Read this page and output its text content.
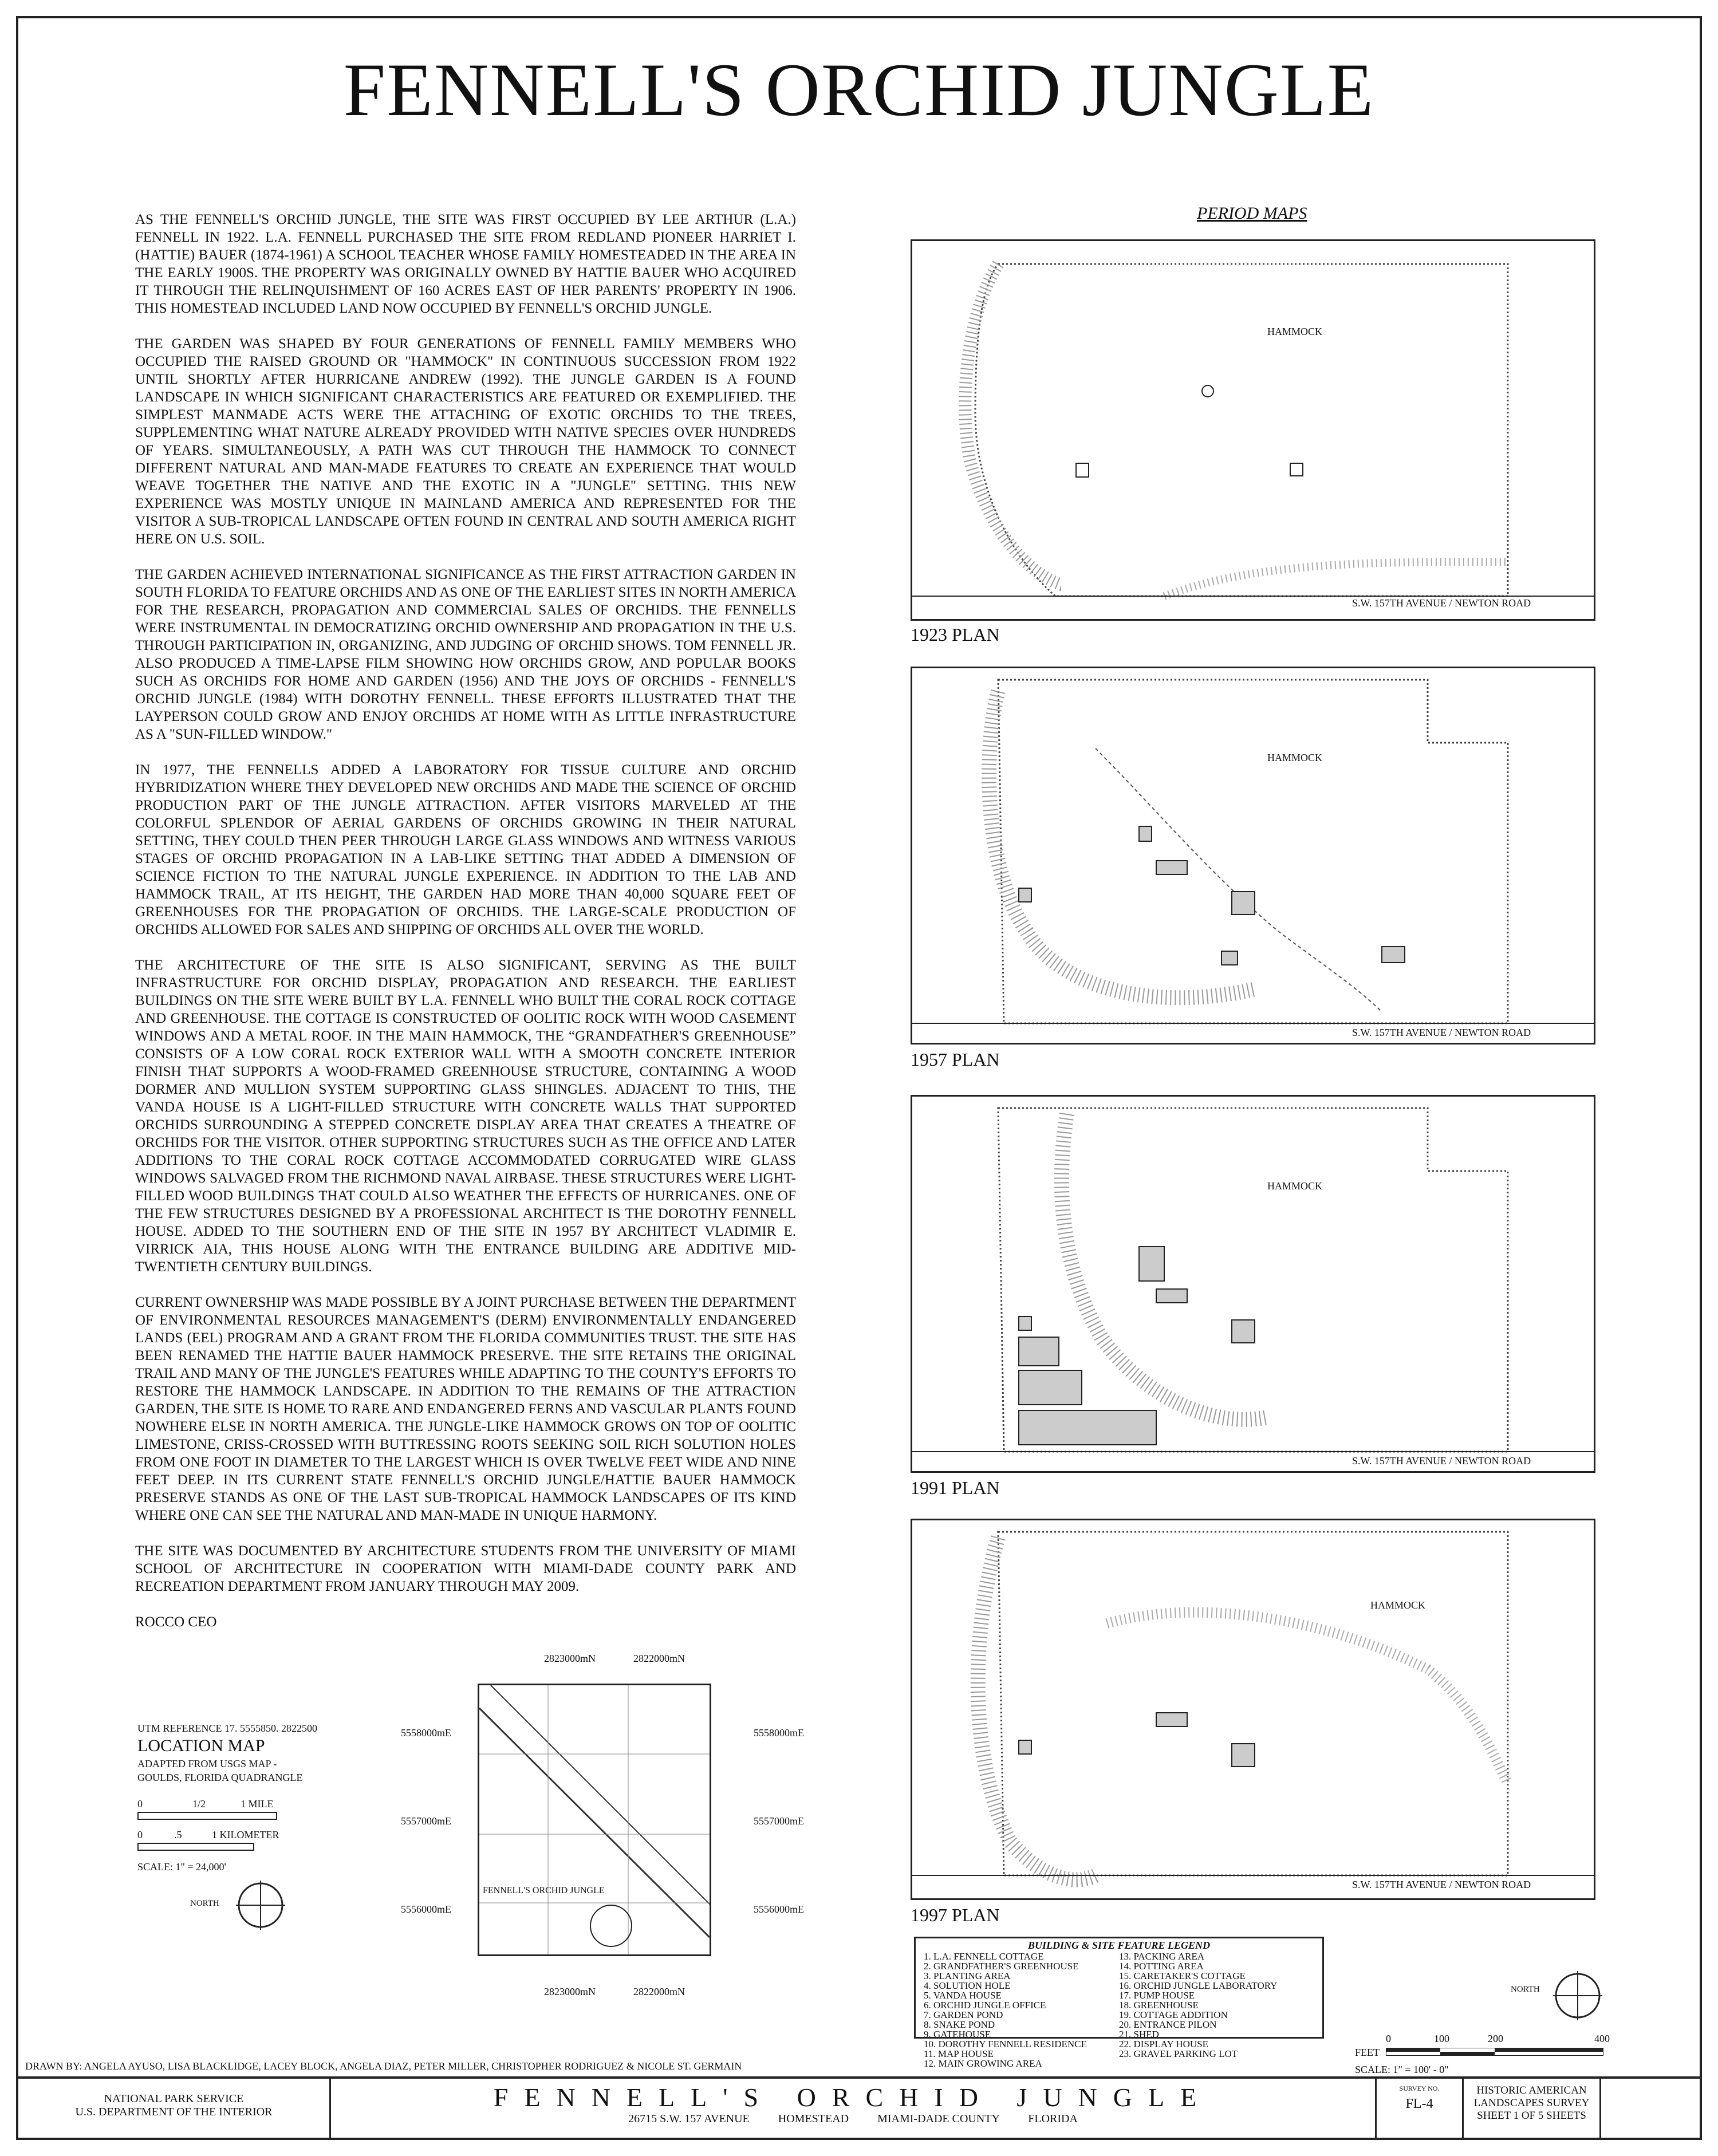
FENNELL'S ORCHID JUNGLE

AS THE FENNELL'S ORCHID JUNGLE, THE SITE WAS FIRST OCCUPIED BY LEE ARTHUR (L.A.) FENNELL IN 1922. L.A. FENNELL PURCHASED THE SITE FROM REDLAND PIONEER HARRIET I. (HATTIE) BAUER (1874-1961) A SCHOOL TEACHER WHOSE FAMILY HOMESTEADED IN THE AREA IN THE EARLY 1900S. THE PROPERTY WAS ORIGINALLY OWNED BY HATTIE BAUER WHO ACQUIRED IT THROUGH THE RELINQUISHMENT OF 160 ACRES EAST OF HER PARENTS' PROPERTY IN 1906. THIS HOMESTEAD INCLUDED LAND NOW OCCUPIED BY FENNELL'S ORCHID JUNGLE.

THE GARDEN WAS SHAPED BY FOUR GENERATIONS OF FENNELL FAMILY MEMBERS WHO OCCUPIED THE RAISED GROUND OR "HAMMOCK" IN CONTINUOUS SUCCESSION FROM 1922 UNTIL SHORTLY AFTER HURRICANE ANDREW (1992). THE JUNGLE GARDEN IS A FOUND LANDSCAPE IN WHICH SIGNIFICANT CHARACTERISTICS ARE FEATURED OR EXEMPLIFIED. THE SIMPLEST MANMADE ACTS WERE THE ATTACHING OF EXOTIC ORCHIDS TO THE TREES, SUPPLEMENTING WHAT NATURE ALREADY PROVIDED WITH NATIVE SPECIES OVER HUNDREDS OF YEARS. SIMULTANEOUSLY, A PATH WAS CUT THROUGH THE HAMMOCK TO CONNECT DIFFERENT NATURAL AND MAN-MADE FEATURES TO CREATE AN EXPERIENCE THAT WOULD WEAVE TOGETHER THE NATIVE AND THE EXOTIC IN A "JUNGLE" SETTING. THIS NEW EXPERIENCE WAS MOSTLY UNIQUE IN MAINLAND AMERICA AND REPRESENTED FOR THE VISITOR A SUB-TROPICAL LANDSCAPE OFTEN FOUND IN CENTRAL AND SOUTH AMERICA RIGHT HERE ON U.S. SOIL.

THE GARDEN ACHIEVED INTERNATIONAL SIGNIFICANCE AS THE FIRST ATTRACTION GARDEN IN SOUTH FLORIDA TO FEATURE ORCHIDS AND AS ONE OF THE EARLIEST SITES IN NORTH AMERICA FOR THE RESEARCH, PROPAGATION AND COMMERCIAL SALES OF ORCHIDS. THE FENNELLS WERE INSTRUMENTAL IN DEMOCRATIZING ORCHID OWNERSHIP AND PROPAGATION IN THE U.S. THROUGH PARTICIPATION IN, ORGANIZING, AND JUDGING OF ORCHID SHOWS. TOM FENNELL JR. ALSO PRODUCED A TIME-LAPSE FILM SHOWING HOW ORCHIDS GROW, AND POPULAR BOOKS SUCH AS ORCHIDS FOR HOME AND GARDEN (1956) AND THE JOYS OF ORCHIDS - FENNELL'S ORCHID JUNGLE (1984) WITH DOROTHY FENNELL. THESE EFFORTS ILLUSTRATED THAT THE LAYPERSON COULD GROW AND ENJOY ORCHIDS AT HOME WITH AS LITTLE INFRASTRUCTURE AS A "SUN-FILLED WINDOW."

IN 1977, THE FENNELLS ADDED A LABORATORY FOR TISSUE CULTURE AND ORCHID HYBRIDIZATION WHERE THEY DEVELOPED NEW ORCHIDS AND MADE THE SCIENCE OF ORCHID PRODUCTION PART OF THE JUNGLE ATTRACTION. AFTER VISITORS MARVELED AT THE COLORFUL SPLENDOR OF AERIAL GARDENS OF ORCHIDS GROWING IN THEIR NATURAL SETTING, THEY COULD THEN PEER THROUGH LARGE GLASS WINDOWS AND WITNESS VARIOUS STAGES OF ORCHID PROPAGATION IN A LAB-LIKE SETTING THAT ADDED A DIMENSION OF SCIENCE FICTION TO THE NATURAL JUNGLE EXPERIENCE. IN ADDITION TO THE LAB AND HAMMOCK TRAIL, AT ITS HEIGHT, THE GARDEN HAD MORE THAN 40,000 SQUARE FEET OF GREENHOUSES FOR THE PROPAGATION OF ORCHIDS. THE LARGE-SCALE PRODUCTION OF ORCHIDS ALLOWED FOR SALES AND SHIPPING OF ORCHIDS ALL OVER THE WORLD.

THE ARCHITECTURE OF THE SITE IS ALSO SIGNIFICANT, SERVING AS THE BUILT INFRASTRUCTURE FOR ORCHID DISPLAY, PROPAGATION AND RESEARCH. THE EARLIEST BUILDINGS ON THE SITE WERE BUILT BY L.A. FENNELL WHO BUILT THE CORAL ROCK COTTAGE AND GREENHOUSE. THE COTTAGE IS CONSTRUCTED OF OOLITIC ROCK WITH WOOD CASEMENT WINDOWS AND A METAL ROOF. IN THE MAIN HAMMOCK, THE “GRANDFATHER'S GREENHOUSE” CONSISTS OF A LOW CORAL ROCK EXTERIOR WALL WITH A SMOOTH CONCRETE INTERIOR FINISH THAT SUPPORTS A WOOD-FRAMED GREENHOUSE STRUCTURE, CONTAINING A WOOD DORMER AND MULLION SYSTEM SUPPORTING GLASS SHINGLES. ADJACENT TO THIS, THE VANDA HOUSE IS A LIGHT-FILLED STRUCTURE WITH CONCRETE WALLS THAT SUPPORTED ORCHIDS SURROUNDING A STEPPED CONCRETE DISPLAY AREA THAT CREATES A THEATRE OF ORCHIDS FOR THE VISITOR. OTHER SUPPORTING STRUCTURES SUCH AS THE OFFICE AND LATER ADDITIONS TO THE CORAL ROCK COTTAGE ACCOMMODATED CORRUGATED WIRE GLASS WINDOWS SALVAGED FROM THE RICHMOND NAVAL AIRBASE. THESE STRUCTURES WERE LIGHT-FILLED WOOD BUILDINGS THAT COULD ALSO WEATHER THE EFFECTS OF HURRICANES. ONE OF THE FEW STRUCTURES DESIGNED BY A PROFESSIONAL ARCHITECT IS THE DOROTHY FENNELL HOUSE. ADDED TO THE SOUTHERN END OF THE SITE IN 1957 BY ARCHITECT VLADIMIR E. VIRRICK AIA, THIS HOUSE ALONG WITH THE ENTRANCE BUILDING ARE ADDITIVE MID-TWENTIETH CENTURY BUILDINGS.

CURRENT OWNERSHIP WAS MADE POSSIBLE BY A JOINT PURCHASE BETWEEN THE DEPARTMENT OF ENVIRONMENTAL RESOURCES MANAGEMENT'S (DERM) ENVIRONMENTALLY ENDANGERED LANDS (EEL) PROGRAM AND A GRANT FROM THE FLORIDA COMMUNITIES TRUST. THE SITE HAS BEEN RENAMED THE HATTIE BAUER HAMMOCK PRESERVE. THE SITE RETAINS THE ORIGINAL TRAIL AND MANY OF THE JUNGLE'S FEATURES WHILE ADAPTING TO THE COUNTY'S EFFORTS TO RESTORE THE HAMMOCK LANDSCAPE. IN ADDITION TO THE REMAINS OF THE ATTRACTION GARDEN, THE SITE IS HOME TO RARE AND ENDANGERED FERNS AND VASCULAR PLANTS FOUND NOWHERE ELSE IN NORTH AMERICA. THE JUNGLE-LIKE HAMMOCK GROWS ON TOP OF OOLITIC LIMESTONE, CRISS-CROSSED WITH BUTTRESSING ROOTS SEEKING SOIL RICH SOLUTION HOLES FROM ONE FOOT IN DIAMETER TO THE LARGEST WHICH IS OVER TWELVE FEET WIDE AND NINE FEET DEEP. IN ITS CURRENT STATE FENNELL'S ORCHID JUNGLE/HATTIE BAUER HAMMOCK PRESERVE STANDS AS ONE OF THE LAST SUB-TROPICAL HAMMOCK LANDSCAPES OF ITS KIND WHERE ONE CAN SEE THE NATURAL AND MAN-MADE IN UNIQUE HARMONY.

THE SITE WAS DOCUMENTED BY ARCHITECTURE STUDENTS FROM THE UNIVERSITY OF MIAMI SCHOOL OF ARCHITECTURE IN COOPERATION WITH MIAMI-DADE COUNTY PARK AND RECREATION DEPARTMENT FROM JANUARY THROUGH MAY 2009.

ROCCO CEO
PERIOD MAPS
HAMMOCK
S.W. 157TH AVENUE / NEWTON ROAD
1923 PLAN
HAMMOCK
S.W. 157TH AVENUE / NEWTON ROAD
1957 PLAN
HAMMOCK
S.W. 157TH AVENUE / NEWTON ROAD
1991 PLAN
HAMMOCK
S.W. 157TH AVENUE / NEWTON ROAD
1997 PLAN
BUILDING & SITE FEATURE LEGEND
1. L.A. FENNELL COTTAGE
2. GRANDFATHER'S GREENHOUSE
3. PLANTING AREA
4. SOLUTION HOLE
5. VANDA HOUSE
6. ORCHID JUNGLE OFFICE
7. GARDEN POND
8. SNAKE POND
9. GATEHOUSE
10. DOROTHY FENNELL RESIDENCE
11. MAP HOUSE
12. MAIN GROWING AREA
13. PACKING AREA
14. POTTING AREA
15. CARETAKER'S COTTAGE
16. ORCHID JUNGLE LABORATORY
17. PUMP HOUSE
18. GREENHOUSE
19. COTTAGE ADDITION
20. ENTRANCE PILON
21. SHED
22. DISPLAY HOUSE
23. GRAVEL PARKING LOT
NORTH
FEET
0	100	200	400
SCALE: 1" = 100' - 0"
UTM REFERENCE 17. 5555850. 2822500
LOCATION MAP
ADAPTED FROM USGS MAP -
GOULDS, FLORIDA QUADRANGLE
0	1/2	1 MILE
0	.5	1 KILOMETER
SCALE: 1" = 24,000'
NORTH
FENNELL'S ORCHID JUNGLE
2823000mN	2822000mN
2823000mN	2822000mN
5558000mE	5558000mE
5557000mE	5557000mE
5556000mE	5556000mE
DRAWN BY: ANGELA AYUSO, LISA BLACKLIDGE, LACEY BLOCK, ANGELA DIAZ, PETER MILLER, CHRISTOPHER RODRIGUEZ & NICOLE ST. GERMAIN
NATIONAL PARK SERVICE
U.S. DEPARTMENT OF THE INTERIOR	FENNELL'S ORCHID JUNGLE
26715 S.W. 157 AVENUE          HOMESTEAD          MIAMI-DADE COUNTY          FLORIDA
SURVEY NO.
FL-4
HISTORIC AMERICAN
LANDSCAPES SURVEY
SHEET 1 OF 5 SHEETS
